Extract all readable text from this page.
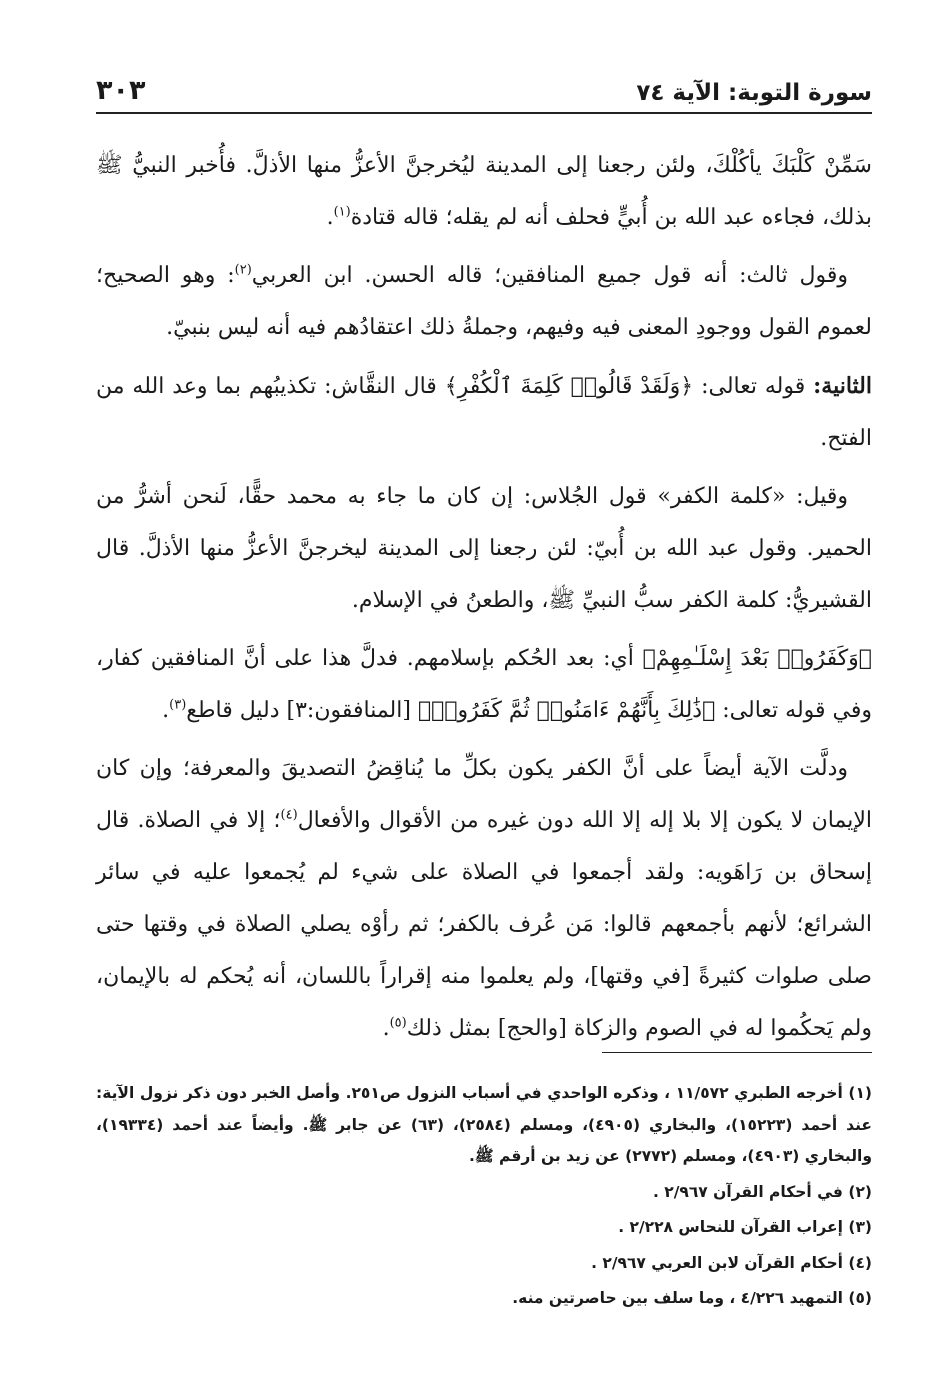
سورة التوبة: الآية ٧٤
٣٠٣

سَمِّنْ كَلْبَكَ يأكُلْكَ، ولئن رجعنا إلى المدينة ليُخرجنَّ الأعزُّ منها الأذلَّ. فأُخبر النبيُّ ﷺ بذلك، فجاءه عبد الله بن أُبيٍّ فحلف أنه لم يقله؛ قاله قتادة$^{(١)}$.

وقول ثالث: أنه قول جميع المنافقين؛ قاله الحسن. ابن العربي$^{(٢)}$: وهو الصحيح؛ لعموم القول ووجودِ المعنى فيه وفيهم، وجملةُ ذلك اعتقادُهم فيه أنه ليس بنبيّ.

الثانية: قوله تعالى: ﴿وَلَقَدْ قَالُوا۟ كَلِمَةَ ٱلْكُفْرِ﴾ قال النقَّاش: تكذيبُهم بما وعد الله من الفتح.

وقيل: «كلمة الكفر» قول الجُلاس: إن كان ما جاء به محمد حقًّا، لَنحن أشرُّ من الحمير. وقول عبد الله بن أُبيّ: لئن رجعنا إلى المدينة ليخرجنَّ الأعزُّ منها الأذلَّ. قال القشيريُّ: كلمة الكفر سبُّ النبيِّ ﷺ، والطعنُ في الإسلام.

﴿وَكَفَرُوا۟ بَعْدَ إِسْلَـٰمِهِمْ﴾ أي: بعد الحُكم بإسلامهم. فدلَّ هذا على أنَّ المنافقين كفار، وفي قوله تعالى: ﴿ذَٰلِكَ بِأَنَّهُمْ ءَامَنُوا۟ ثُمَّ كَفَرُوا۟﴾ [المنافقون:٣] دليل قاطع$^{(٣)}$.

ودلَّت الآية أيضاً على أنَّ الكفر يكون بكلِّ ما يُناقِضُ التصديقَ والمعرفة؛ وإن كان الإيمان لا يكون إلا بلا إله إلا الله دون غيره من الأقوال والأفعال$^{(٤)}$؛ إلا في الصلاة. قال إسحاق بن رَاهَويه: ولقد أجمعوا في الصلاة على شيء لم يُجمعوا عليه في سائر الشرائع؛ لأنهم بأجمعهم قالوا: مَن عُرف بالكفر؛ ثم رأوْه يصلي الصلاة في وقتها حتى صلى صلوات كثيرةً [في وقتها]، ولم يعلموا منه إقراراً باللسان، أنه يُحكم له بالإيمان، ولم يَحكُموا له في الصوم والزكاة [والحج] بمثل ذلك$^{(٥)}$.

(١) أخرجه الطبري ١١/٥٧٢ ، وذكره الواحدي في أسباب النزول ص٢٥١. وأصل الخبر دون ذكر نزول الآية: عند أحمد (١٥٢٢٣)، والبخاري (٤٩٠٥)، ومسلم (٢٥٨٤)، (٦٣) عن جابر ﷺ. وأيضاً عند أحمد (١٩٣٣٤)، والبخاري (٤٩٠٣)، ومسلم (٢٧٧٢) عن زيد بن أرقم ﷺ.

(٢) في أحكام القرآن ٢/٩٦٧ .

(٣) إعراب القرآن للنحاس ٢/٢٢٨ .

(٤) أحكام القرآن لابن العربي ٢/٩٦٧ .

(٥) التمهيد ٤/٢٢٦ ، وما سلف بين حاصرتين منه.
